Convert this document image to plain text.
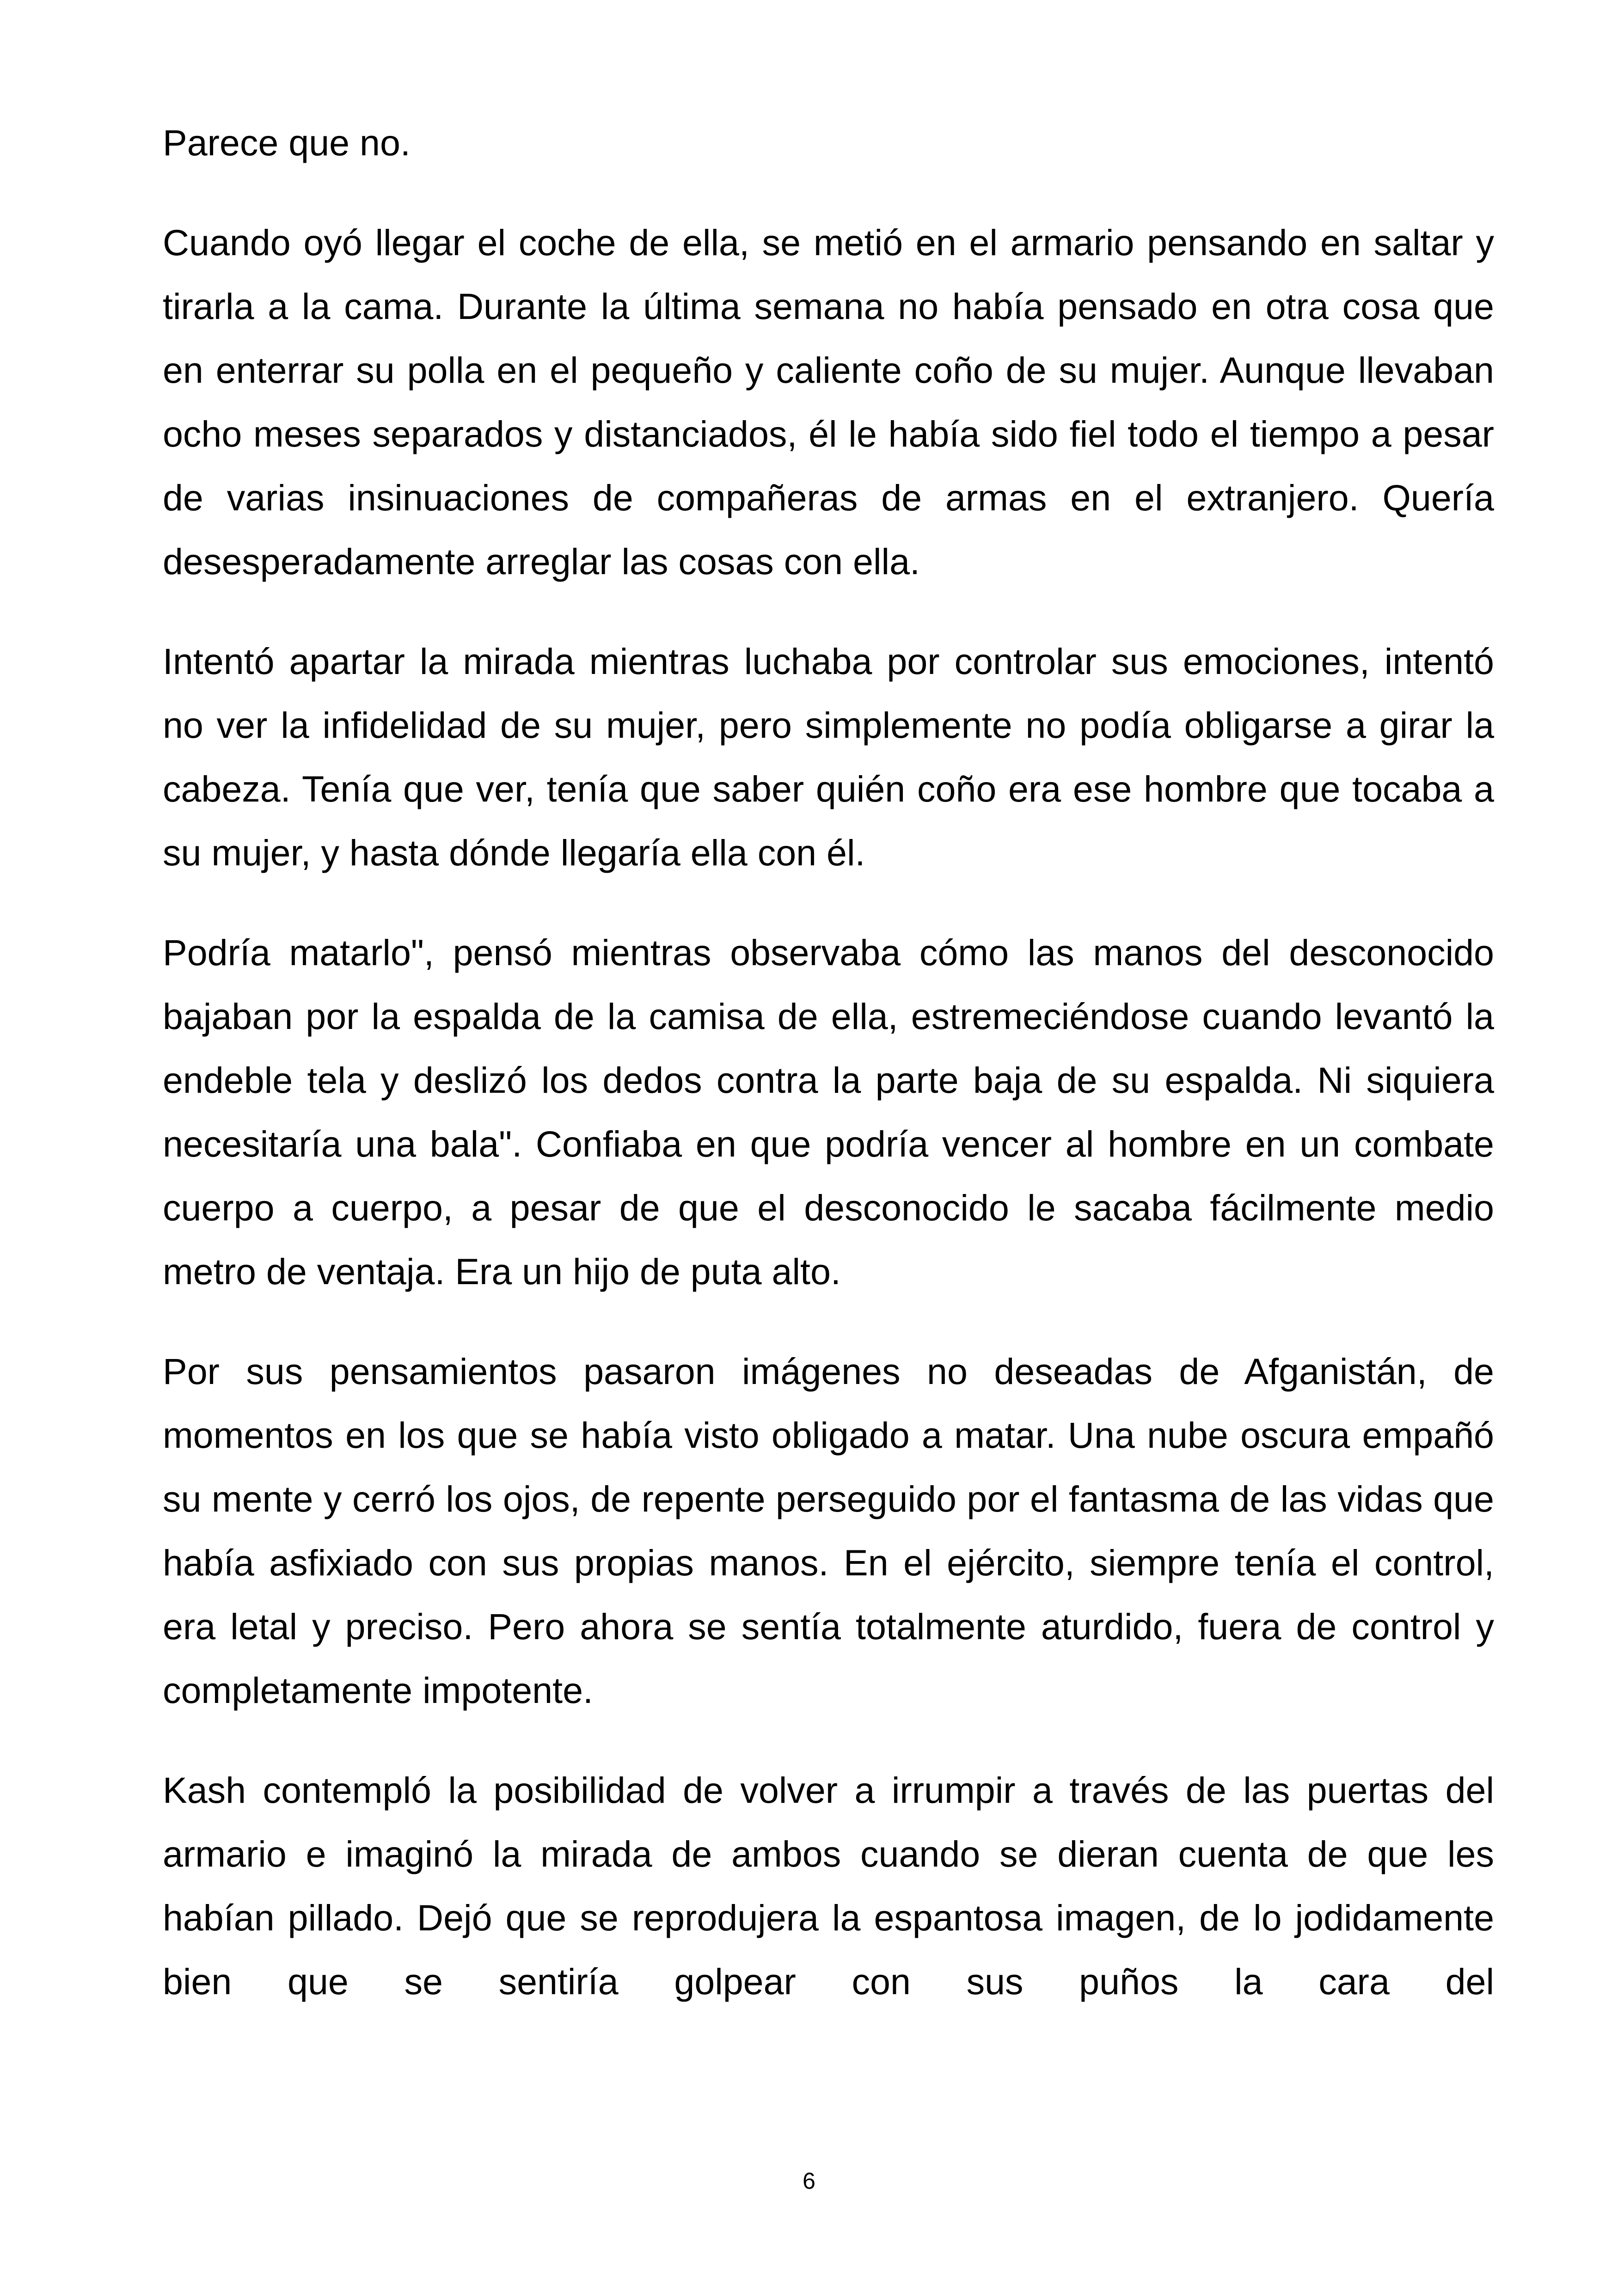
Parece que no.

Cuando oyó llegar el coche de ella, se metió en el armario pensando en saltar y tirarla a la cama. Durante la última semana no había pensado en otra cosa que en enterrar su polla en el pequeño y caliente coño de su mujer. Aunque llevaban ocho meses separados y distanciados, él le había sido fiel todo el tiempo a pesar de varias insinuaciones de compañeras de armas en el extranjero. Quería desesperadamente arreglar las cosas con ella.

Intentó apartar la mirada mientras luchaba por controlar sus emociones, intentó no ver la infidelidad de su mujer, pero simplemente no podía obligarse a girar la cabeza. Tenía que ver, tenía que saber quién coño era ese hombre que tocaba a su mujer, y hasta dónde llegaría ella con él.

Podría matarlo", pensó mientras observaba cómo las manos del desconocido bajaban por la espalda de la camisa de ella, estremeciéndose cuando levantó la endeble tela y deslizó los dedos contra la parte baja de su espalda. Ni siquiera necesitaría una bala". Confiaba en que podría vencer al hombre en un combate cuerpo a cuerpo, a pesar de que el desconocido le sacaba fácilmente medio metro de ventaja. Era un hijo de puta alto.

Por sus pensamientos pasaron imágenes no deseadas de Afganistán, de momentos en los que se había visto obligado a matar. Una nube oscura empañó su mente y cerró los ojos, de repente perseguido por el fantasma de las vidas que había asfixiado con sus propias manos. En el ejército, siempre tenía el control, era letal y preciso. Pero ahora se sentía totalmente aturdido, fuera de control y completamente impotente.

Kash contempló la posibilidad de volver a irrumpir a través de las puertas del armario e imaginó la mirada de ambos cuando se dieran cuenta de que les habían pillado. Dejó que se reprodujera la espantosa imagen, de lo jodidamente bien que se sentiría golpear con sus puños la cara del

6
